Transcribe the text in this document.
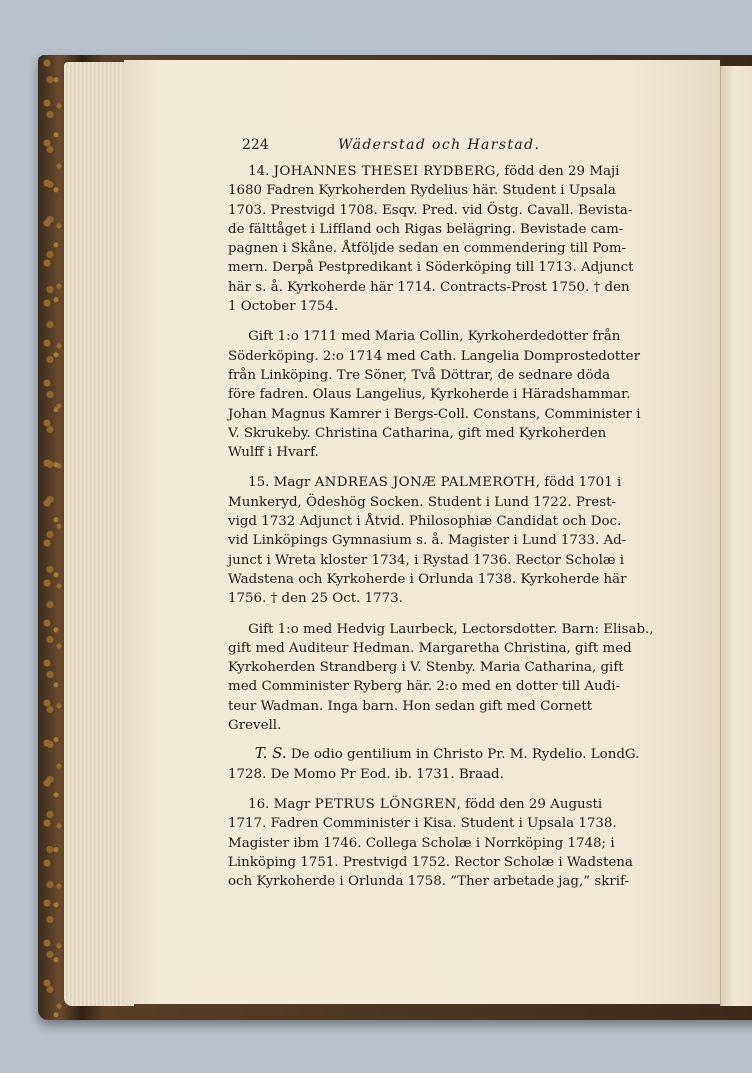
224	Wäderstad och Harstad.

  14. JOHANNES THESEI RYDBERG, född den 29 Maji
1680 Fadren Kyrkoherden Rydelius här. Student i Upsala
1703. Prestvigd 1708. Esqv. Pred. vid Östg. Cavall. Bevista-
de fälttåget i Liffland och Rigas belägring. Bevistade cam-
pagnen i Skåne. Åtföljde sedan en commendering till Pom-
mern. Derpå Pestpredikant i Söderköping till 1713. Adjunct
här s. å. Kyrkoherde här 1714. Contracts-Prost 1750. † den
1 October 1754.

  Gift 1:o 1711 med Maria Collin, Kyrkoherdedotter från
Söderköping. 2:o 1714 med Cath. Langelia Domprostedotter
från Linköping. Tre Söner, Två Döttrar, de sednare döda
före fadren. Olaus Langelius, Kyrkoherde i Häradshammar.
Johan Magnus Kamrer i Bergs-Coll. Constans, Comminister i
V. Skrukeby. Christina Catharina, gift med Kyrkoherden
Wulff i Hvarf.

  15. Magr ANDREAS JONÆ PALMEROTH, född 1701 i
Munkeryd, Ödeshög Socken. Student i Lund 1722. Prest-
vigd 1732 Adjunct i Åtvid. Philosophiæ Candidat och Doc.
vid Linköpings Gymnasium s. å. Magister i Lund 1733. Ad-
junct i Wreta kloster 1734, i Rystad 1736. Rector Scholæ i
Wadstena och Kyrkoherde i Orlunda 1738. Kyrkoherde här
1756. † den 25 Oct. 1773.

  Gift 1:o med Hedvig Laurbeck, Lectorsdotter. Barn: Elisab.,
gift med Auditeur Hedman. Margaretha Christina, gift med
Kyrkoherden Strandberg i V. Stenby. Maria Catharina, gift
med Comminister Ryberg här. 2:o med en dotter till Audi-
teur Wadman. Inga barn. Hon sedan gift med Cornett
Grevell.

  T. S. De odio gentilium in Christo Pr. M. Rydelio. LondG.
1728. De Momo Pr Eod. ib. 1731. Braad.

  16. Magr PETRUS LÖNGREN, född den 29 Augusti
1717. Fadren Comminister i Kisa. Student i Upsala 1738.
Magister ibm 1746. Collega Scholæ i Norrköping 1748; i
Linköping 1751. Prestvigd 1752. Rector Scholæ i Wadstena
och Kyrkoherde i Orlunda 1758. ”Ther arbetade jag,” skrif-
